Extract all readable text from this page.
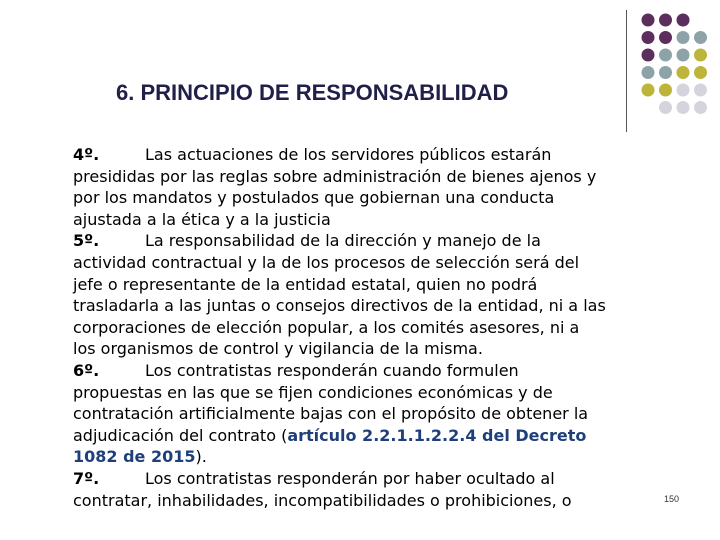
6. PRINCIPIO DE RESPONSABILIDAD
4º.	Las actuaciones de los servidores públicos estarán
presididas por las reglas sobre administración de bienes ajenos y
por los mandatos y postulados que gobiernan una conducta
ajustada a la ética y a la justicia
5º.	La responsabilidad de la dirección y manejo de la
actividad contractual y la de los procesos de selección será del
jefe o representante de la entidad estatal, quien no podrá
trasladarla a las juntas o consejos directivos de la entidad, ni a las
corporaciones de elección popular, a los comités asesores, ni a
los organismos de control y vigilancia de la misma.
6º.	Los contratistas responderán cuando formulen
propuestas en las que se fijen condiciones económicas y de
contratación artificialmente bajas con el propósito de obtener la
adjudicación del contrato (artículo 2.2.1.1.2.2.4 del Decreto
1082 de 2015).
7º.	Los contratistas responderán por haber ocultado al
contratar, inhabilidades, incompatibilidades o prohibiciones, o	150
